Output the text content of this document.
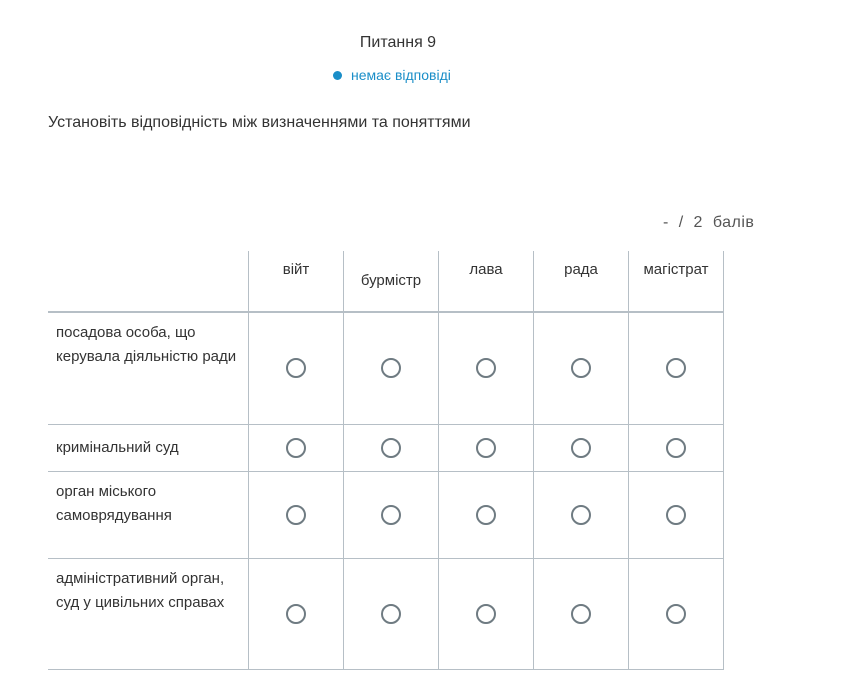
Питання 9
немає відповіді
Установіть відповідність між визначеннями та поняттями
-  /  2  балів
	війт	бурмістр	лава	рада	магістрат
посадова особа, що керувала діяльністю ради					
кримінальний суд					
орган міського самоврядування					
адміністративний орган, суд у цивільних справах					
